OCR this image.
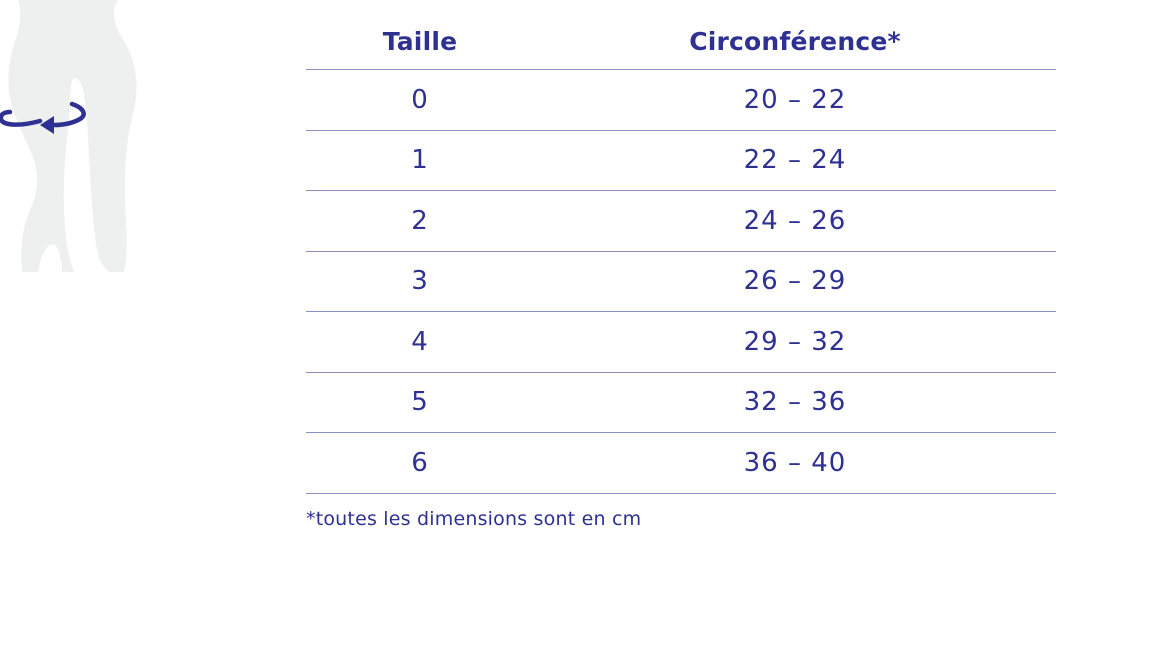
Taille	Circonférence*
0	20 – 22
1	22 – 24
2	24 – 26
3	26 – 29
4	29 – 32
5	32 – 36
6	36 – 40
*toutes les dimensions sont en cm
